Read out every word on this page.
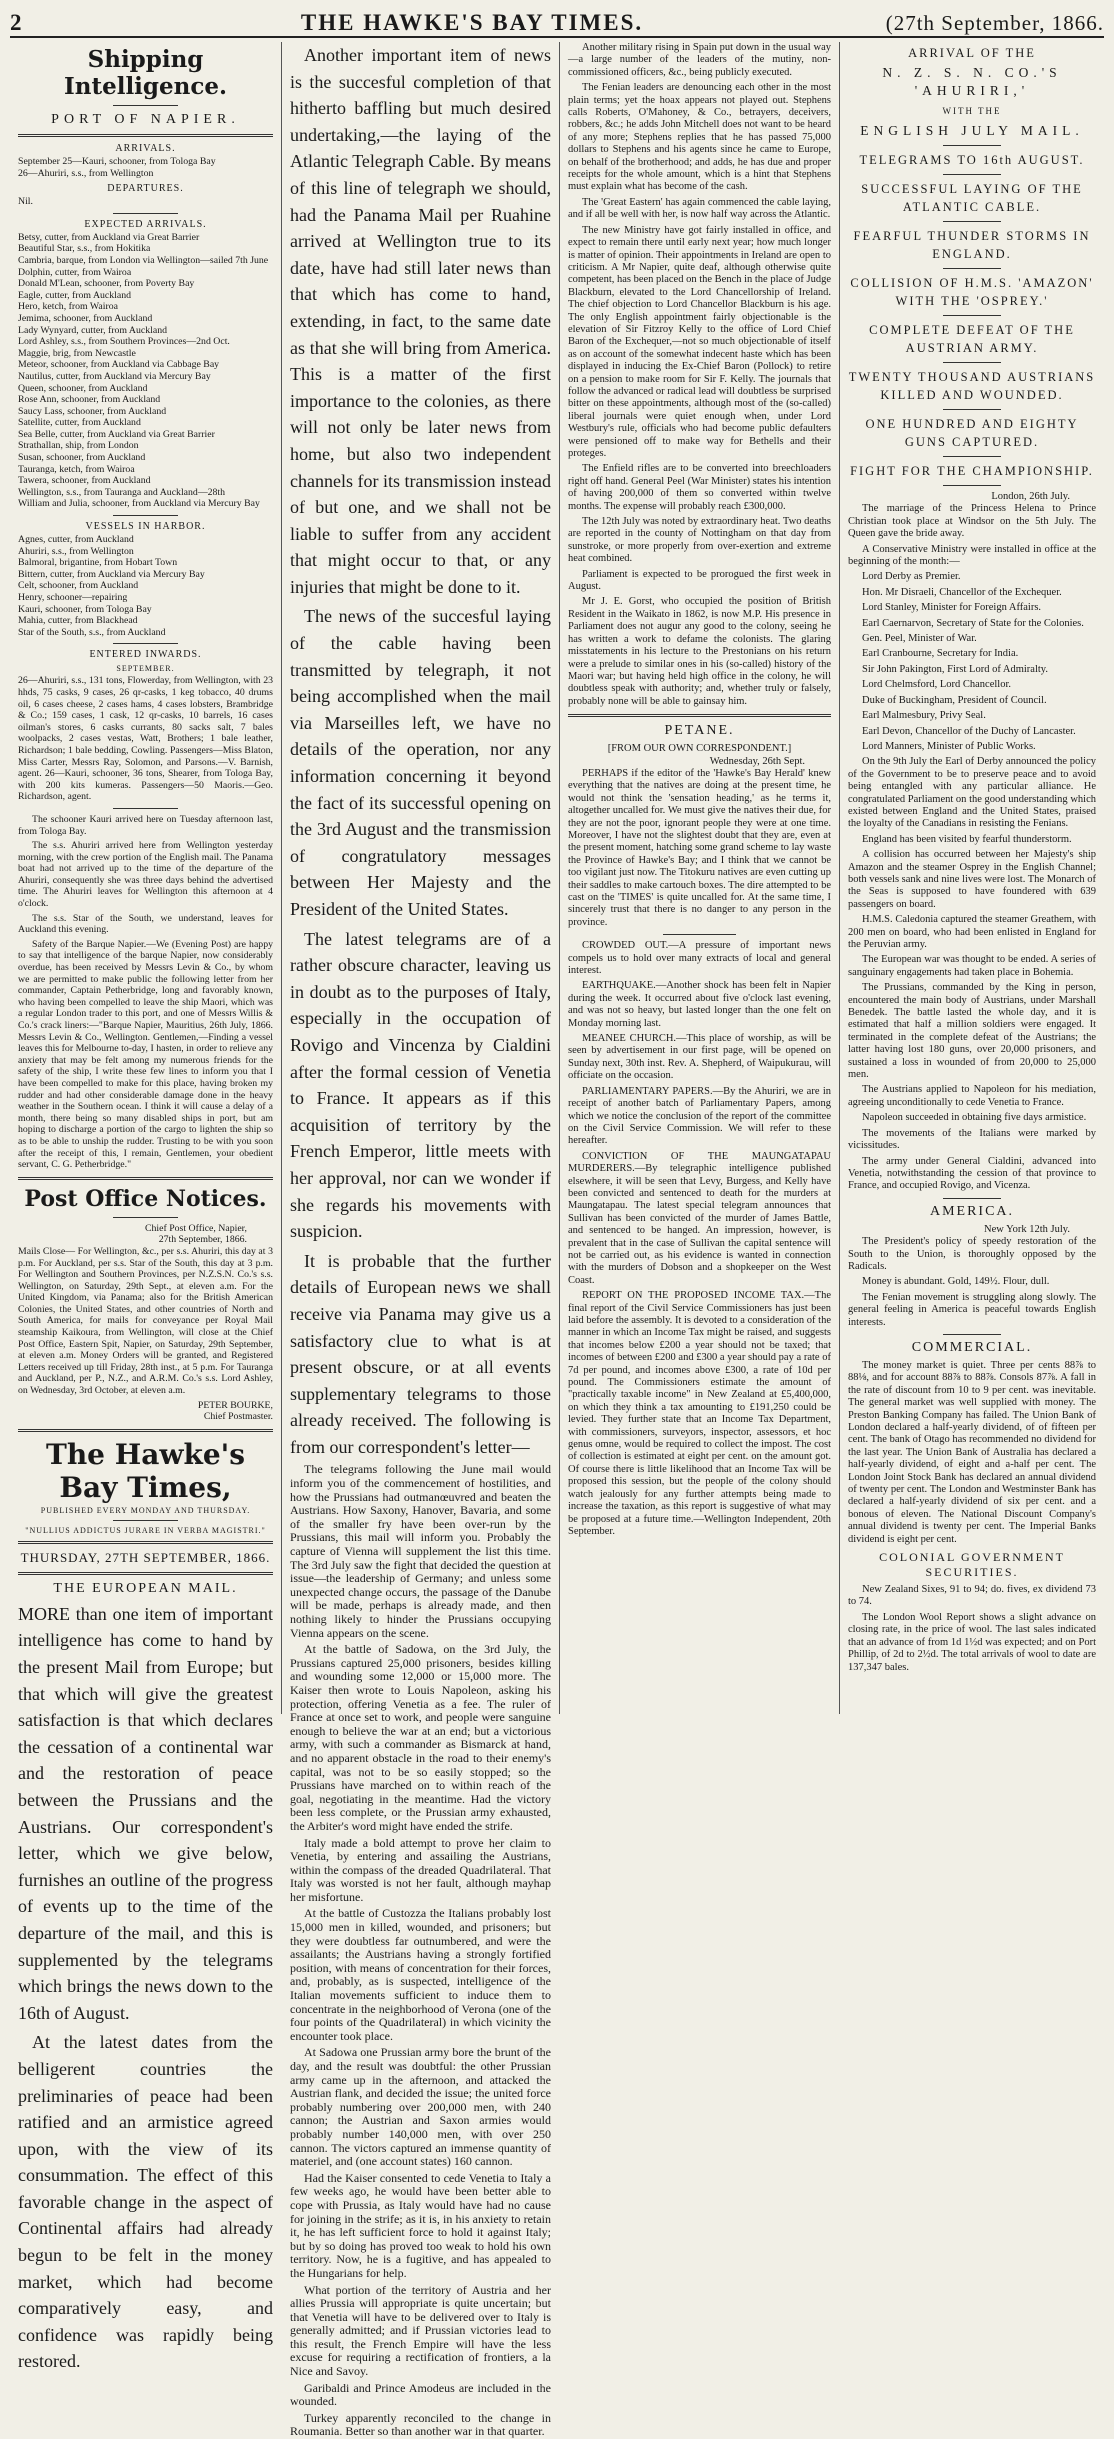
2	THE HAWKE'S BAY TIMES.	(27th September, 1866.
Shipping Intelligence.
PORT OF NAPIER.
ARRIVALS.

September 25—Kauri, schooner, from Tologa Bay

26—Ahuriri, s.s., from Wellington

DEPARTURES.
Nil.
EXPECTED ARRIVALS.

Betsy, cutter, from Auckland via Great Barrier

Beautiful Star, s.s., from Hokitika

Cambria, barque, from London via Wellington—sailed 7th June

Dolphin, cutter, from Wairoa

Donald M'Lean, schooner, from Poverty Bay

Eagle, cutter, from Auckland

Hero, ketch, from Wairoa

Jemima, schooner, from Auckland

Lady Wynyard, cutter, from Auckland

Lord Ashley, s.s., from Southern Provinces—2nd Oct.

Maggie, brig, from Newcastle

Meteor, schooner, from Auckland via Cabbage Bay

Nautilus, cutter, from Auckland via Mercury Bay

Queen, schooner, from Auckland

Rose Ann, schooner, from Auckland

Saucy Lass, schooner, from Auckland

Satellite, cutter, from Auckland

Sea Belle, cutter, from Auckland via Great Barrier

Strathallan, ship, from London

Susan, schooner, from Auckland

Tauranga, ketch, from Wairoa

Tawera, schooner, from Auckland

Wellington, s.s., from Tauranga and Auckland—28th

William and Julia, schooner, from Auckland via Mercury Bay

VESSELS IN HARBOR.

Agnes, cutter, from Auckland

Ahuriri, s.s., from Wellington

Balmoral, brigantine, from Hobart Town

Bittern, cutter, from Auckland via Mercury Bay

Celt, schooner, from Auckland

Henry, schooner—repairing

Kauri, schooner, from Tologa Bay

Mahia, cutter, from Blackhead

Star of the South, s.s., from Auckland

ENTERED INWARDS.
SEPTEMBER.

26—Ahuriri, s.s., 131 tons, Flowerday, from Wellington, with 23 hhds, 75 casks, 9 cases, 26 qr-casks, 1 keg tobacco, 40 drums oil, 6 cases cheese, 2 cases hams, 4 cases lobsters, Brambridge & Co.; 159 cases, 1 cask, 12 qr-casks, 10 barrels, 16 cases oilman's stores, 6 casks currants, 80 sacks salt, 7 bales woolpacks, 2 cases vestas, Watt, Brothers; 1 bale leather, Richardson; 1 bale bedding, Cowling. Passengers—Miss Blaton, Miss Carter, Messrs Ray, Solomon, and Parsons.—V. Barnish, agent. 26—Kauri, schooner, 36 tons, Shearer, from Tologa Bay, with 200 kits kumeras. Passengers—50 Maoris.—Geo. Richardson, agent.

The schooner Kauri arrived here on Tuesday afternoon last, from Tologa Bay.

The s.s. Ahuriri arrived here from Wellington yesterday morning, with the crew portion of the English mail. The Panama boat had not arrived up to the time of the departure of the Ahuriri, consequently she was three days behind the advertised time. The Ahuriri leaves for Wellington this afternoon at 4 o'clock.

The s.s. Star of the South, we understand, leaves for Auckland this evening.

Safety of the Barque Napier.—We (Evening Post) are happy to say that intelligence of the barque Napier, now considerably overdue, has been received by Messrs Levin & Co., by whom we are permitted to make public the following letter from her commander, Captain Petherbridge, long and favorably known, who having been compelled to leave the ship Maori, which was a regular London trader to this port, and one of Messrs Willis & Co.'s crack liners:—"Barque Napier, Mauritius, 26th July, 1866. Messrs Levin & Co., Wellington. Gentlemen,—Finding a vessel leaves this for Melbourne to-day, I hasten, in order to relieve any anxiety that may be felt among my numerous friends for the safety of the ship, I write these few lines to inform you that I have been compelled to make for this place, having broken my rudder and had other considerable damage done in the heavy weather in the Southern ocean. I think it will cause a delay of a month, there being so many disabled ships in port, but am hoping to discharge a portion of the cargo to lighten the ship so as to be able to unship the rudder. Trusting to be with you soon after the receipt of this, I remain, Gentlemen, your obedient servant, C. G. Petherbridge."

Post Office Notices.
Chief Post Office, Napier,
27th September, 1866.

Mails Close— For Wellington, &c., per s.s. Ahuriri, this day at 3 p.m. For Auckland, per s.s. Star of the South, this day at 3 p.m. For Wellington and Southern Provinces, per N.Z.S.N. Co.'s s.s. Wellington, on Saturday, 29th Sept., at eleven a.m. For the United Kingdom, via Panama; also for the British American Colonies, the United States, and other countries of North and South America, for mails for conveyance per Royal Mail steamship Kaikoura, from Wellington, will close at the Chief Post Office, Eastern Spit, Napier, on Saturday, 29th September, at eleven a.m. Money Orders will be granted, and Registered Letters received up till Friday, 28th inst., at 5 p.m. For Tauranga and Auckland, per P., N.Z., and A.R.M. Co.'s s.s. Lord Ashley, on Wednesday, 3rd October, at eleven a.m.

PETER BOURKE,
Chief Postmaster.
The Hawke's Bay Times,
PUBLISHED EVERY MONDAY AND THURSDAY.
"NULLIUS ADDICTUS JURARE IN VERBA MAGISTRI."
THURSDAY, 27TH SEPTEMBER, 1866.
THE EUROPEAN MAIL.

MORE than one item of important intelligence has come to hand by the present Mail from Europe; but that which will give the greatest satisfaction is that which declares the cessation of a continental war and the restoration of peace between the Prussians and the Austrians. Our correspondent's letter, which we give below, furnishes an outline of the progress of events up to the time of the departure of the mail, and this is supplemented by the telegrams which brings the news down to the 16th of August.

At the latest dates from the belligerent countries the preliminaries of peace had been ratified and an armistice agreed upon, with the view of its consummation. The effect of this favorable change in the aspect of Continental affairs had already begun to be felt in the money market, which had become comparatively easy, and confidence was rapidly being restored.

Another important item of news is the succesful completion of that hitherto baffling but much desired undertaking,—the laying of the Atlantic Telegraph Cable. By means of this line of telegraph we should, had the Panama Mail per Ruahine arrived at Wellington true to its date, have had still later news than that which has come to hand, extending, in fact, to the same date as that she will bring from America. This is a matter of the first importance to the colonies, as there will not only be later news from home, but also two independent channels for its transmission instead of but one, and we shall not be liable to suffer from any accident that might occur to that, or any injuries that might be done to it.

The news of the succesful laying of the cable having been transmitted by telegraph, it not being accomplished when the mail via Marseilles left, we have no details of the operation, nor any information concerning it beyond the fact of its successful opening on the 3rd August and the transmission of congratulatory messages between Her Majesty and the President of the United States.

The latest telegrams are of a rather obscure character, leaving us in doubt as to the purposes of Italy, especially in the occupation of Rovigo and Vincenza by Cialdini after the formal cession of Venetia to France. It appears as if this acquisition of territory by the French Emperor, little meets with her approval, nor can we wonder if she regards his movements with suspicion.

It is probable that the further details of European news we shall receive via Panama may give us a satisfactory clue to what is at present obscure, or at all events supplementary telegrams to those already received. The following is from our correspondent's letter—

The telegrams following the June mail would inform you of the commencement of hostilities, and how the Prussians had outmanœuvred and beaten the Austrians. How Saxony, Hanover, Bavaria, and some of the smaller fry have been over-run by the Prussians, this mail will inform you. Probably the capture of Vienna will supplement the list this time. The 3rd July saw the fight that decided the question at issue—the leadership of Germany; and unless some unexpected change occurs, the passage of the Danube will be made, perhaps is already made, and then nothing likely to hinder the Prussians occupying Vienna appears on the scene.

At the battle of Sadowa, on the 3rd July, the Prussians captured 25,000 prisoners, besides killing and wounding some 12,000 or 15,000 more. The Kaiser then wrote to Louis Napoleon, asking his protection, offering Venetia as a fee. The ruler of France at once set to work, and people were sanguine enough to believe the war at an end; but a victorious army, with such a commander as Bismarck at hand, and no apparent obstacle in the road to their enemy's capital, was not to be so easily stopped; so the Prussians have marched on to within reach of the goal, negotiating in the meantime. Had the victory been less complete, or the Prussian army exhausted, the Arbiter's word might have ended the strife.

Italy made a bold attempt to prove her claim to Venetia, by entering and assailing the Austrians, within the compass of the dreaded Quadrilateral. That Italy was worsted is not her fault, although mayhap her misfortune.

At the battle of Custozza the Italians probably lost 15,000 men in killed, wounded, and prisoners; but they were doubtless far outnumbered, and were the assailants; the Austrians having a strongly fortified position, with means of concentration for their forces, and, probably, as is suspected, intelligence of the Italian movements sufficient to induce them to concentrate in the neighborhood of Verona (one of the four points of the Quadrilateral) in which vicinity the encounter took place.

At Sadowa one Prussian army bore the brunt of the day, and the result was doubtful: the other Prussian army came up in the afternoon, and attacked the Austrian flank, and decided the issue; the united force probably numbering over 200,000 men, with 240 cannon; the Austrian and Saxon armies would probably number 140,000 men, with over 250 cannon. The victors captured an immense quantity of materiel, and (one account states) 160 cannon.

Had the Kaiser consented to cede Venetia to Italy a few weeks ago, he would have been better able to cope with Prussia, as Italy would have had no cause for joining in the strife; as it is, in his anxiety to retain it, he has left sufficient force to hold it against Italy; but by so doing has proved too weak to hold his own territory. Now, he is a fugitive, and has appealed to the Hungarians for help.

What portion of the territory of Austria and her allies Prussia will appropriate is quite uncertain; but that Venetia will have to be delivered over to Italy is generally admitted; and if Prussian victories lead to this result, the French Empire will have the less excuse for requiring a rectification of frontiers, a la Nice and Savoy.

Garibaldi and Prince Amodeus are included in the wounded.

Turkey apparently reconciled to the change in Roumania. Better so than another war in that quarter.

Another military rising in Spain put down in the usual way—a large number of the leaders of the mutiny, non-commissioned officers, &c., being publicly executed.

The Fenian leaders are denouncing each other in the most plain terms; yet the hoax appears not played out. Stephens calls Roberts, O'Mahoney, & Co., betrayers, deceivers, robbers, &c.; he adds John Mitchell does not want to be heard of any more; Stephens replies that he has passed 75,000 dollars to Stephens and his agents since he came to Europe, on behalf of the brotherhood; and adds, he has due and proper receipts for the whole amount, which is a hint that Stephens must explain what has become of the cash.

The 'Great Eastern' has again commenced the cable laying, and if all be well with her, is now half way across the Atlantic.

The new Ministry have got fairly installed in office, and expect to remain there until early next year; how much longer is matter of opinion. Their appointments in Ireland are open to criticism. A Mr Napier, quite deaf, although otherwise quite competent, has been placed on the Bench in the place of Judge Blackburn, elevated to the Lord Chancellorship of Ireland. The chief objection to Lord Chancellor Blackburn is his age. The only English appointment fairly objectionable is the elevation of Sir Fitzroy Kelly to the office of Lord Chief Baron of the Exchequer,—not so much objectionable of itself as on account of the somewhat indecent haste which has been displayed in inducing the Ex-Chief Baron (Pollock) to retire on a pension to make room for Sir F. Kelly. The journals that follow the advanced or radical lead will doubtless be surprised bitter on these appointments, although most of the (so-called) liberal journals were quiet enough when, under Lord Westbury's rule, officials who had become public defaulters were pensioned off to make way for Bethells and their proteges.

The Enfield rifles are to be converted into breechloaders right off hand. General Peel (War Minister) states his intention of having 200,000 of them so converted within twelve months. The expense will probably reach £300,000.

The 12th July was noted by extraordinary heat. Two deaths are reported in the county of Nottingham on that day from sunstroke, or more properly from over-exertion and extreme heat combined.

Parliament is expected to be prorogued the first week in August.

Mr J. E. Gorst, who occupied the position of British Resident in the Waikato in 1862, is now M.P. His presence in Parliament does not augur any good to the colony, seeing he has written a work to defame the colonists. The glaring misstatements in his lecture to the Prestonians on his return were a prelude to similar ones in his (so-called) history of the Maori war; but having held high office in the colony, he will doubtless speak with authority; and, whether truly or falsely, probably none will be able to gainsay him.

PETANE.
[FROM OUR OWN CORRESPONDENT.]
Wednesday, 26th Sept.

PERHAPS if the editor of the 'Hawke's Bay Herald' knew everything that the natives are doing at the present time, he would not think the 'sensation heading,' as he terms it, altogether uncalled for. We must give the natives their due, for they are not the poor, ignorant people they were at one time. Moreover, I have not the slightest doubt that they are, even at the present moment, hatching some grand scheme to lay waste the Province of Hawke's Bay; and I think that we cannot be too vigilant just now. The Titokuru natives are even cutting up their saddles to make cartouch boxes. The dire attempted to be cast on the 'TIMES' is quite uncalled for. At the same time, I sincerely trust that there is no danger to any person in the province.

CROWDED OUT.—A pressure of important news compels us to hold over many extracts of local and general interest.

EARTHQUAKE.—Another shock has been felt in Napier during the week. It occurred about five o'clock last evening, and was not so heavy, but lasted longer than the one felt on Monday morning last.

MEANEE CHURCH.—This place of worship, as will be seen by advertisement in our first page, will be opened on Sunday next, 30th inst. Rev. A. Shepherd, of Waipukurau, will officiate on the occasion.

PARLIAMENTARY PAPERS.—By the Ahuriri, we are in receipt of another batch of Parliamentary Papers, among which we notice the conclusion of the report of the committee on the Civil Service Commission. We will refer to these hereafter.

CONVICTION OF THE MAUNGATAPAU MURDERERS.—By telegraphic intelligence published elsewhere, it will be seen that Levy, Burgess, and Kelly have been convicted and sentenced to death for the murders at Maungatapau. The latest special telegram announces that Sullivan has been convicted of the murder of James Battle, and sentenced to be hanged. An impression, however, is prevalent that in the case of Sullivan the capital sentence will not be carried out, as his evidence is wanted in connection with the murders of Dobson and a shopkeeper on the West Coast.

REPORT ON THE PROPOSED INCOME TAX.—The final report of the Civil Service Commissioners has just been laid before the assembly. It is devoted to a consideration of the manner in which an Income Tax might be raised, and suggests that incomes below £200 a year should not be taxed; that incomes of between £200 and £300 a year should pay a rate of 7d per pound, and incomes above £300, a rate of 10d per pound. The Commissioners estimate the amount of "practically taxable income" in New Zealand at £5,400,000, on which they think a tax amounting to £191,250 could be levied. They further state that an Income Tax Department, with commissioners, surveyors, inspector, assessors, et hoc genus omne, would be required to collect the impost. The cost of collection is estimated at eight per cent. on the amount got. Of course there is little likelihood that an Income Tax will be proposed this session, but the people of the colony should watch jealously for any further attempts being made to increase the taxation, as this report is suggestive of what may be proposed at a future time.—Wellington Independent, 20th September.

ARRIVAL OF THE
N. Z. S. N. CO.'S 'AHURIRI,'
WITH THE
ENGLISH JULY MAIL.
TELEGRAMS TO 16th AUGUST.
SUCCESSFUL LAYING OF THE ATLANTIC CABLE.
FEARFUL THUNDER STORMS IN ENGLAND.
COLLISION OF H.M.S. 'AMAZON' WITH THE 'OSPREY.'
COMPLETE DEFEAT OF THE AUSTRIAN ARMY.
TWENTY THOUSAND AUSTRIANS KILLED AND WOUNDED.
ONE HUNDRED AND EIGHTY GUNS CAPTURED.
FIGHT FOR THE CHAMPIONSHIP.
London, 26th July.

The marriage of the Princess Helena to Prince Christian took place at Windsor on the 5th July. The Queen gave the bride away.

A Conservative Ministry were installed in office at the beginning of the month:—

Lord Derby as Premier.

Hon. Mr Disraeli, Chancellor of the Exchequer.

Lord Stanley, Minister for Foreign Affairs.

Earl Caernarvon, Secretary of State for the Colonies.

Gen. Peel, Minister of War.

Earl Cranbourne, Secretary for India.

Sir John Pakington, First Lord of Admiralty.

Lord Chelmsford, Lord Chancellor.

Duke of Buckingham, President of Council.

Earl Malmesbury, Privy Seal.

Earl Devon, Chancellor of the Duchy of Lancaster.

Lord Manners, Minister of Public Works.

On the 9th July the Earl of Derby announced the policy of the Government to be to preserve peace and to avoid being entangled with any particular alliance. He congratulated Parliament on the good understanding which existed between England and the United States, praised the loyalty of the Canadians in resisting the Fenians.

England has been visited by fearful thunderstorm.

A collision has occurred between her Majesty's ship Amazon and the steamer Osprey in the English Channel; both vessels sank and nine lives were lost. The Monarch of the Seas is supposed to have foundered with 639 passengers on board.

H.M.S. Caledonia captured the steamer Greathem, with 200 men on board, who had been enlisted in England for the Peruvian army.

The European war was thought to be ended. A series of sanguinary engagements had taken place in Bohemia.

The Prussians, commanded by the King in person, encountered the main body of Austrians, under Marshall Benedek. The battle lasted the whole day, and it is estimated that half a million soldiers were engaged. It terminated in the complete defeat of the Austrians; the latter having lost 180 guns, over 20,000 prisoners, and sustained a loss in wounded of from 20,000 to 25,000 men.

The Austrians applied to Napoleon for his mediation, agreeing unconditionally to cede Venetia to France.

Napoleon succeeded in obtaining five days armistice.

The movements of the Italians were marked by vicissitudes.

The army under General Cialdini, advanced into Venetia, notwithstanding the cession of that province to France, and occupied Rovigo, and Vicenza.

AMERICA.
New York 12th July.

The President's policy of speedy restoration of the South to the Union, is thoroughly opposed by the Radicals.

Money is abundant. Gold, 149½. Flour, dull.

The Fenian movement is struggling along slowly. The general feeling in America is peaceful towards English interests.

COMMERCIAL.

The money market is quiet. Three per cents 88⅞ to 88⅛, and for account 88⅞ to 88⅞. Consols 87⅞. A fall in the rate of discount from 10 to 9 per cent. was inevitable. The general market was well supplied with money. The Preston Banking Company has failed. The Union Bank of London declared a half-yearly dividend, of of fifteen per cent. The bank of Otago has recommended no dividend for the last year. The Union Bank of Australia has declared a half-yearly dividend, of eight and a-half per cent. The London Joint Stock Bank has declared an annual dividend of twenty per cent. The London and Westminster Bank has declared a half-yearly dividend of six per cent. and a bonous of eleven. The National Discount Company's annual dividend is twenty per cent. The Imperial Banks dividend is eight per cent.

COLONIAL GOVERNMENT SECURITIES.

New Zealand Sixes, 91 to 94; do. fives, ex dividend 73 to 74.

The London Wool Report shows a slight advance on closing rate, in the price of wool. The last sales indicated that an advance of from 1d 1½d was expected; and on Port Phillip, of 2d to 2½d. The total arrivals of wool to date are 137,347 bales.
